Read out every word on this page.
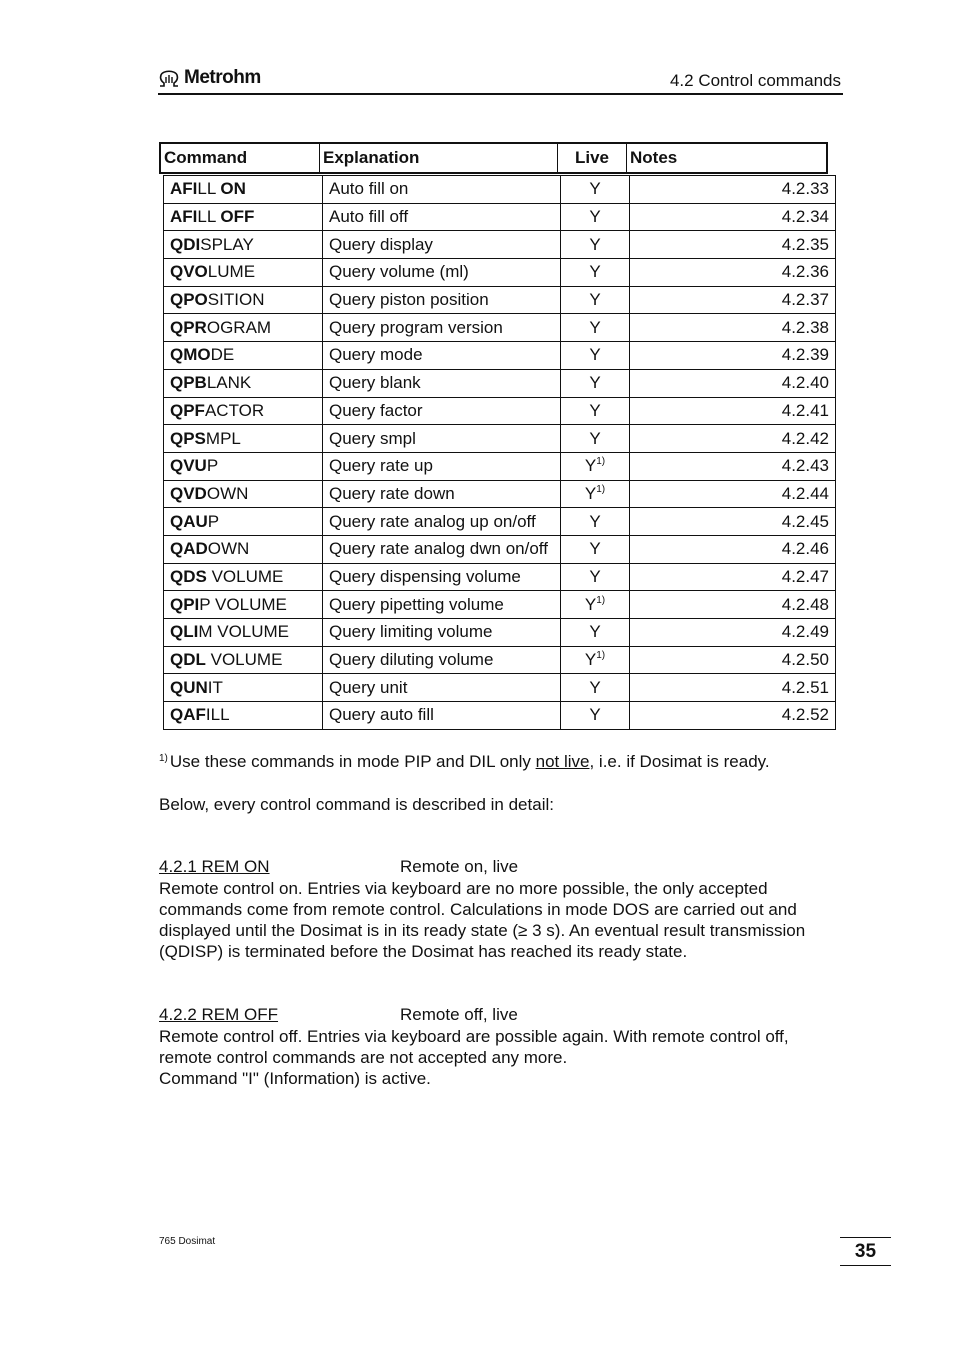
Metrohm	4.2 Control commands
Command	Explanation	Live	Notes
AFILL ON	Auto fill on	Y	4.2.33
AFILL OFF	Auto fill off	Y	4.2.34
QDISPLAY	Query display	Y	4.2.35
QVOLUME	Query volume (ml)	Y	4.2.36
QPOSITION	Query piston position	Y	4.2.37
QPROGRAM	Query program version	Y	4.2.38
QMODE	Query mode	Y	4.2.39
QPBLANK	Query blank	Y	4.2.40
QPFACTOR	Query factor	Y	4.2.41
QPSMPL	Query smpl	Y	4.2.42
QVUP	Query rate up	Y$^{1)}$	4.2.43
QVDOWN	Query rate down	Y$^{1)}$	4.2.44
QAUP	Query rate analog up on/off	Y	4.2.45
QADOWN	Query rate analog dwn on/off	Y	4.2.46
QDS VOLUME	Query dispensing volume	Y	4.2.47
QPIP VOLUME	Query pipetting volume	Y$^{1)}$	4.2.48
QLIM VOLUME	Query limiting volume	Y	4.2.49
QDL VOLUME	Query diluting volume	Y$^{1)}$	4.2.50
QUNIT	Query unit	Y	4.2.51
QAFILL	Query auto fill	Y	4.2.52
$^{1)}$ Use these commands in mode PIP and DIL only not live, i.e. if Dosimat is ready.
Below, every control command is described in detail:
4.2.1 REM ON	Remote on, live
Remote control on. Entries via keyboard are no more possible, the only accepted
commands come from remote control. Calculations in mode DOS are carried out and
displayed until the Dosimat is in its ready state (≥ 3 s). An eventual result transmission
(QDISP) is terminated before the Dosimat has reached its ready state.
4.2.2 REM OFF	Remote off, live
Remote control off. Entries via keyboard are possible again. With remote control off,
remote control commands are not accepted any more.
Command "I" (Information) is active.
765 Dosimat	35
